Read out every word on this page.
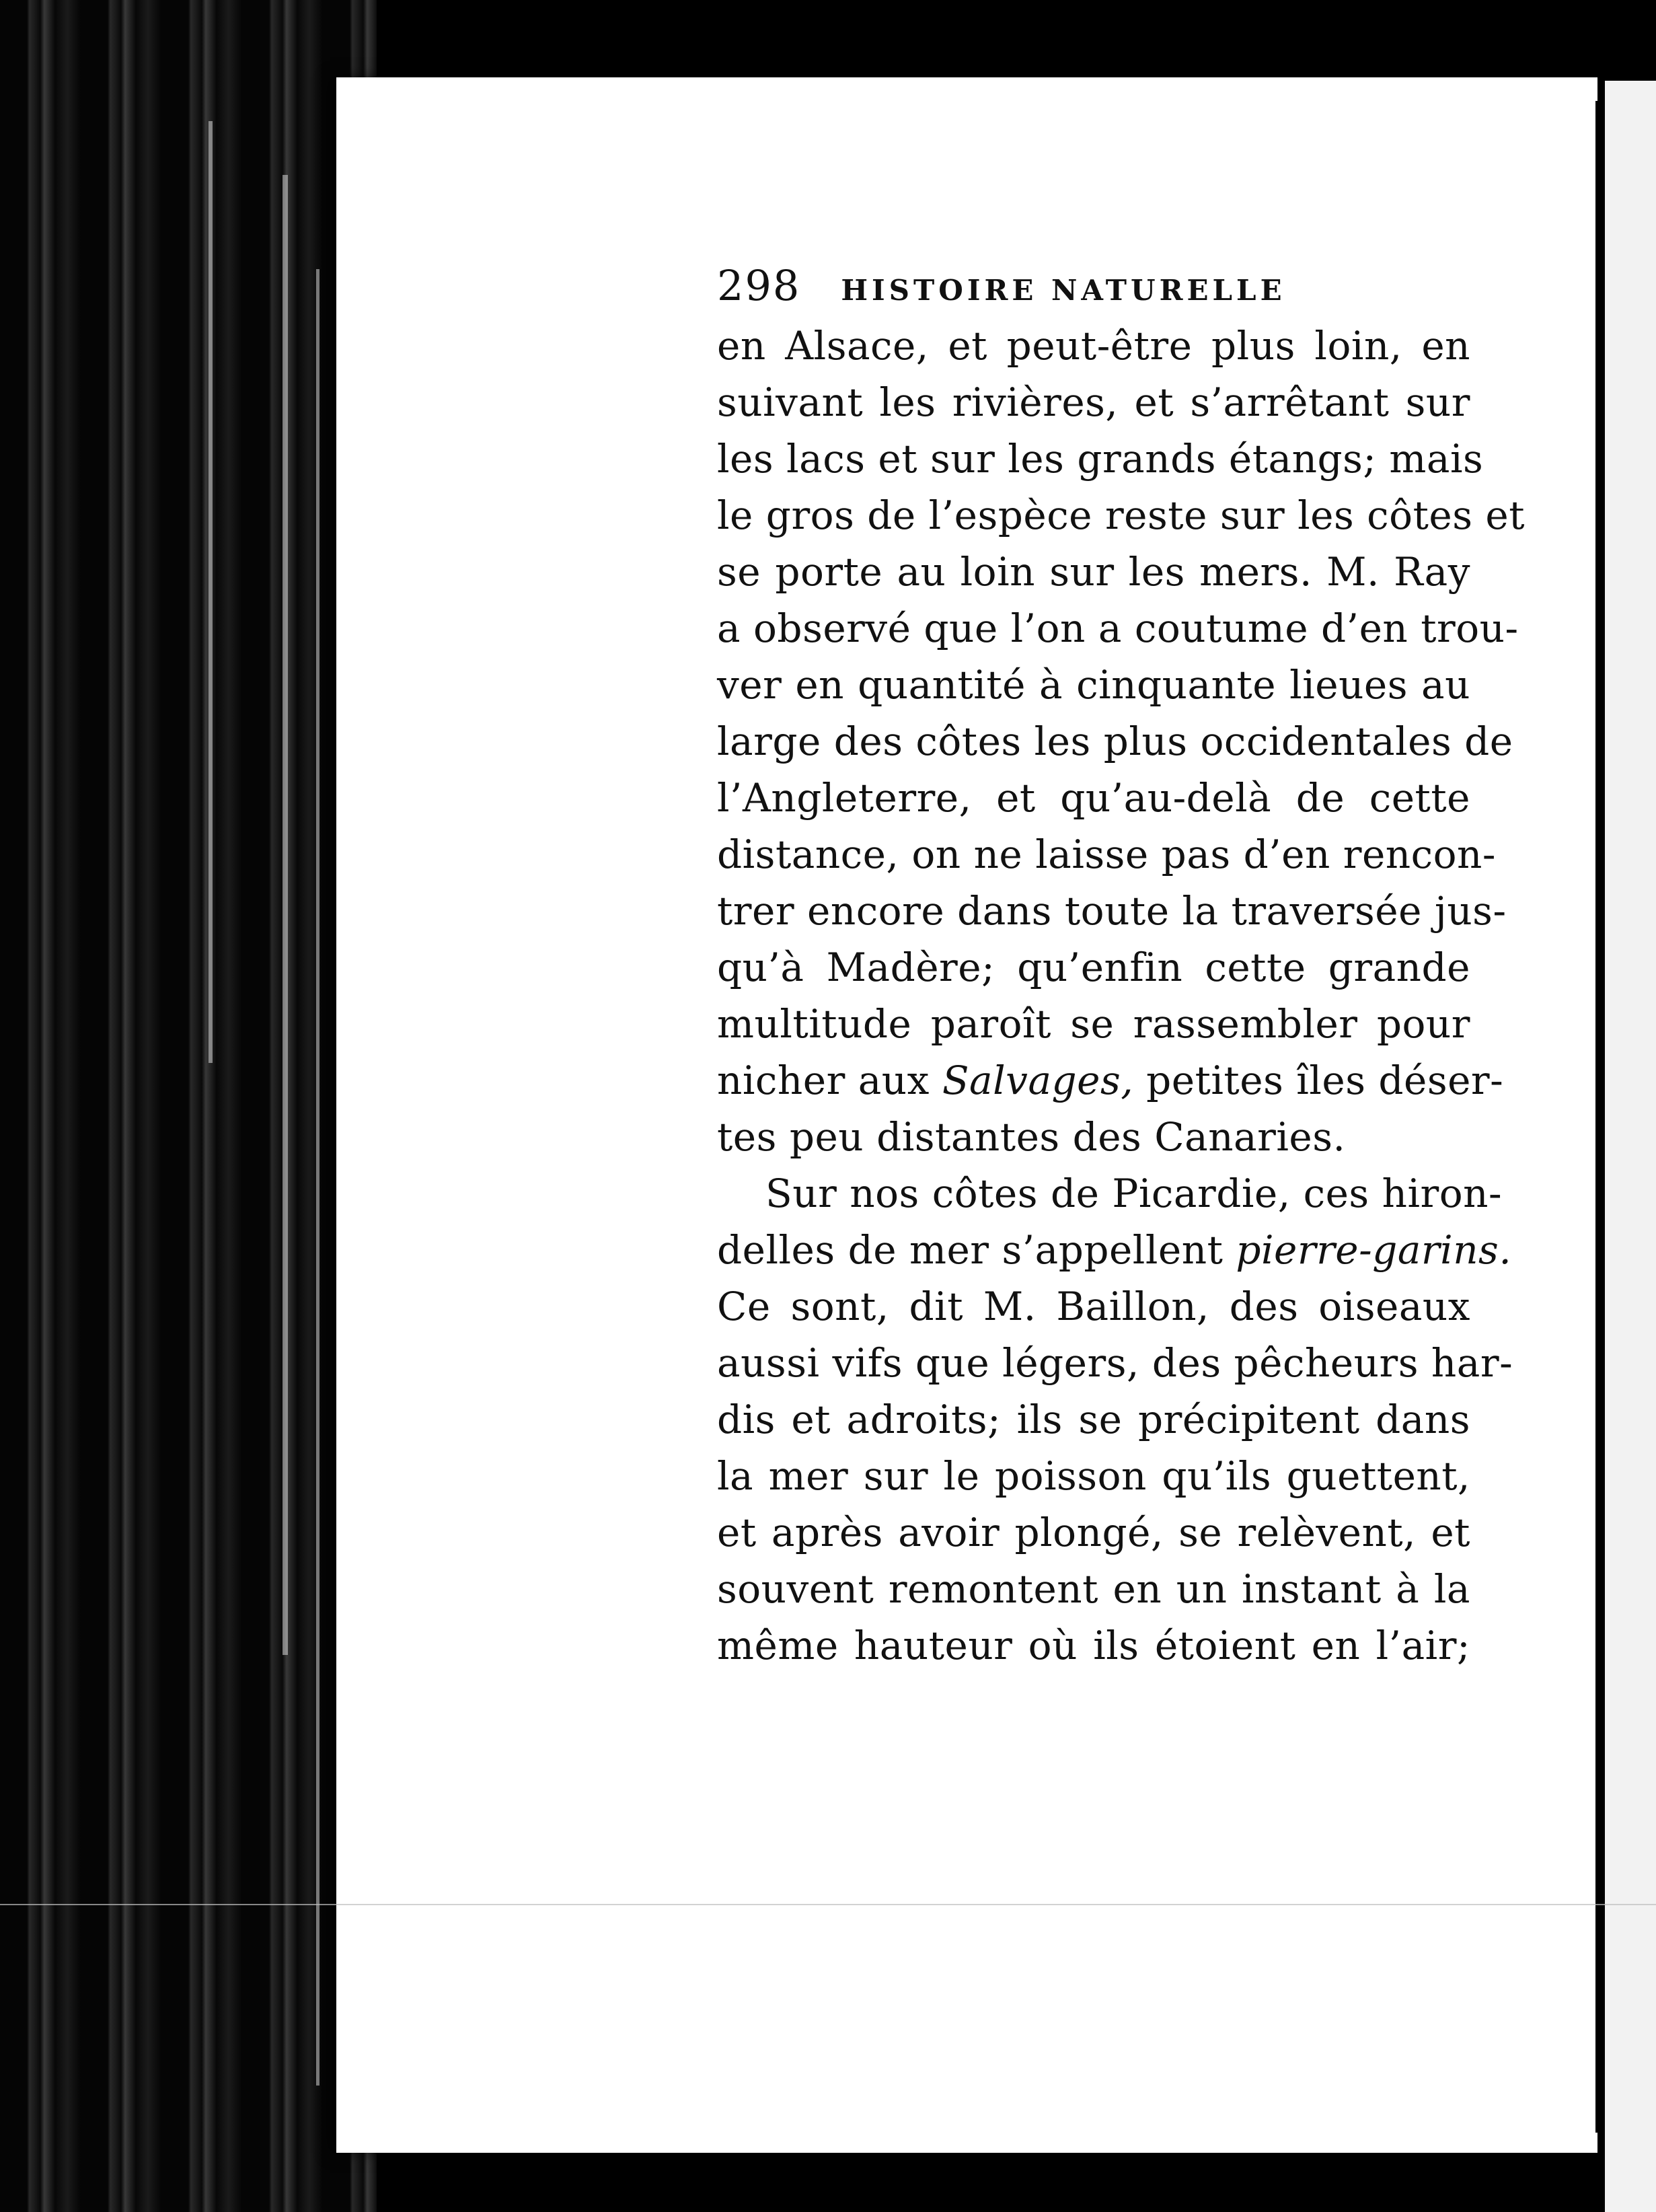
298 HISTOIRE NATURELLE
en Alsace, et peut-être plus loin, en
suivant les rivières, et s’arrêtant sur
les lacs et sur les grands étangs; mais
le gros de l’espèce reste sur les côtes et
se porte au loin sur les mers. M. Ray
a observé que l’on a coutume d’en trou-
ver en quantité à cinquante lieues au
large des côtes les plus occidentales de
l’Angleterre, et qu’au-delà de cette
distance, on ne laisse pas d’en rencon-
trer encore dans toute la traversée jus-
qu’à Madère; qu’enfin cette grande
multitude paroît se rassembler pour
nicher aux Salvages, petites îles déser-
tes peu distantes des Canaries.
Sur nos côtes de Picardie, ces hiron-
delles de mer s’appellent pierre-garins.
Ce sont, dit M. Baillon, des oiseaux
aussi vifs que légers, des pêcheurs har-
dis et adroits; ils se précipitent dans
la mer sur le poisson qu’ils guettent,
et après avoir plongé, se relèvent, et
souvent remontent en un instant à la
même hauteur où ils étoient en l’air;
